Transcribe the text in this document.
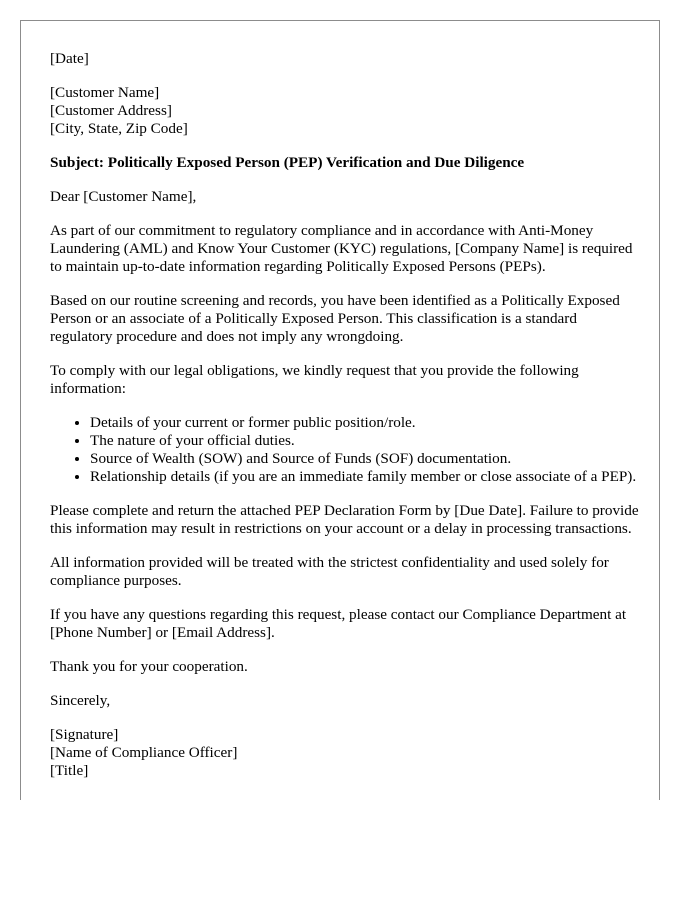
[Date]

[Customer Name]
[Customer Address]
[City, State, Zip Code]

Subject: Politically Exposed Person (PEP) Verification and Due Diligence

Dear [Customer Name],

As part of our commitment to regulatory compliance and in accordance with Anti-Money Laundering (AML) and Know Your Customer (KYC) regulations, [Company Name] is required to maintain up-to-date information regarding Politically Exposed Persons (PEPs).

Based on our routine screening and records, you have been identified as a Politically Exposed Person or an associate of a Politically Exposed Person. This classification is a standard regulatory procedure and does not imply any wrongdoing.

To comply with our legal obligations, we kindly request that you provide the following information:

• Details of your current or former public position/role.
• The nature of your official duties.
• Source of Wealth (SOW) and Source of Funds (SOF) documentation.
• Relationship details (if you are an immediate family member or close associate of a PEP).

Please complete and return the attached PEP Declaration Form by [Due Date]. Failure to provide this information may result in restrictions on your account or a delay in processing transactions.

All information provided will be treated with the strictest confidentiality and used solely for compliance purposes.

If you have any questions regarding this request, please contact our Compliance Department at [Phone Number] or [Email Address].

Thank you for your cooperation.

Sincerely,

[Signature]
[Name of Compliance Officer]
[Title]
